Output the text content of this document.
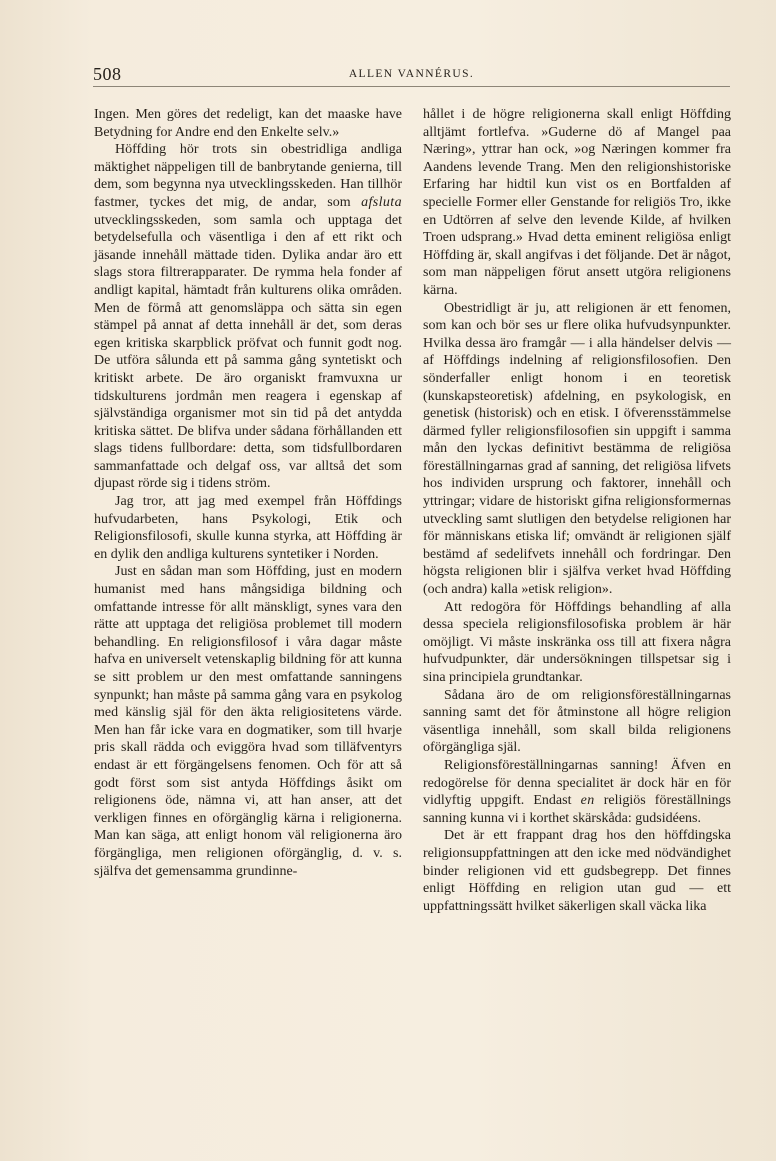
508	ALLEN VANNÉRUS.

Ingen. Men göres det redeligt, kan det maaske have Betydning for Andre end den Enkelte selv.»

Höffding hör trots sin obestridliga andliga mäktighet näppeligen till de banbrytande genierna, till dem, som begynna nya utvecklingsskeden. Han tillhör fastmer, tyckes det mig, de andar, som afsluta utvecklingsskeden, som samla och upptaga det betydelsefulla och väsentliga i den af ett rikt och jäsande innehåll mättade tiden. Dylika andar äro ett slags stora filtrerapparater. De rymma hela fonder af andligt kapital, hämtadt från kulturens olika områden. Men de förmå att genomsläppa och sätta sin egen stämpel på annat af detta innehåll är det, som deras egen kritiska skarpblick pröfvat och funnit godt nog. De utföra sålunda ett på samma gång syntetiskt och kritiskt arbete. De äro organiskt framvuxna ur tidskulturens jordmån men reagera i egenskap af självständiga organismer mot sin tid på det antydda kritiska sättet. De blifva under sådana förhållanden ett slags tidens fullbordare: detta, som tidsfullbordaren sammanfattade och delgaf oss, var alltså det som djupast rörde sig i tidens ström.

Jag tror, att jag med exempel från Höffdings hufvudarbeten, hans Psykologi, Etik och Religionsfilosofi, skulle kunna styrka, att Höffding är en dylik den andliga kulturens syntetiker i Norden.

Just en sådan man som Höffding, just en modern humanist med hans mångsidiga bildning och omfattande intresse för allt mänskligt, synes vara den rätte att upptaga det religiösa problemet till modern behandling. En religionsfilosof i våra dagar måste hafva en universelt vetenskaplig bildning för att kunna se sitt problem ur den mest omfattande sanningens synpunkt; han måste på samma gång vara en psykolog med känslig själ för den äkta religiositetens värde. Men han får icke vara en dogmatiker, som till hvarje pris skall rädda och eviggöra hvad som tilläfventyrs endast är ett förgängelsens fenomen. Och för att så godt först som sist antyda Höffdings åsikt om religionens öde, nämna vi, att han anser, att det verkligen finnes en oförgänglig kärna i religionerna. Man kan säga, att enligt honom väl religionerna äro förgängliga, men religionen oförgänglig, d. v. s. själfva det gemensamma grundinne-

hållet i de högre religionerna skall enligt Höffding alltjämt fortlefva. »Guderne dö af Mangel paa Næring», yttrar han ock, »og Næringen kommer fra Aandens levende Trang. Men den religionshistoriske Erfaring har hidtil kun vist os en Bortfalden af specielle Former eller Genstande for religiös Tro, ikke en Udtörren af selve den levende Kilde, af hvilken Troen udsprang.» Hvad detta eminent religiösa enligt Höffding är, skall angifvas i det följande. Det är något, som man näppeligen förut ansett utgöra religionens kärna.

Obestridligt är ju, att religionen är ett fenomen, som kan och bör ses ur flere olika hufvudsynpunkter. Hvilka dessa äro framgår — i alla händelser delvis — af Höffdings indelning af religionsfilosofien. Den sönderfaller enligt honom i en teoretisk (kunskapsteoretisk) afdelning, en psykologisk, en genetisk (historisk) och en etisk. I öfverensstämmelse därmed fyller religionsfilosofien sin uppgift i samma mån den lyckas definitivt bestämma de religiösa föreställningarnas grad af sanning, det religiösa lifvets hos individen ursprung och faktorer, innehåll och yttringar; vidare de historiskt gifna religionsformernas utveckling samt slutligen den betydelse religionen har för människans etiska lif; omvändt är religionen själf bestämd af sedelifvets innehåll och fordringar. Den högsta religionen blir i själfva verket hvad Höffding (och andra) kalla »etisk religion».

Att redogöra för Höffdings behandling af alla dessa speciela religionsfilosofiska problem är här omöjligt. Vi måste inskränka oss till att fixera några hufvudpunkter, där undersökningen tillspetsar sig i sina principiela grundtankar.

Sådana äro de om religionsföreställningarnas sanning samt det för åtminstone all högre religion väsentliga innehåll, som skall bilda religionens oförgängliga själ.

Religionsföreställningarnas sanning! Äfven en redogörelse för denna specialitet är dock här en för vidlyftig uppgift. Endast en religiös föreställnings sanning kunna vi i korthet skärskåda: gudsidéens.

Det är ett frappant drag hos den höffdingska religionsuppfattningen att den icke med nödvändighet binder religionen vid ett gudsbegrepp. Det finnes enligt Höffding en religion utan gud — ett uppfattningssätt hvilket säkerligen skall väcka lika
